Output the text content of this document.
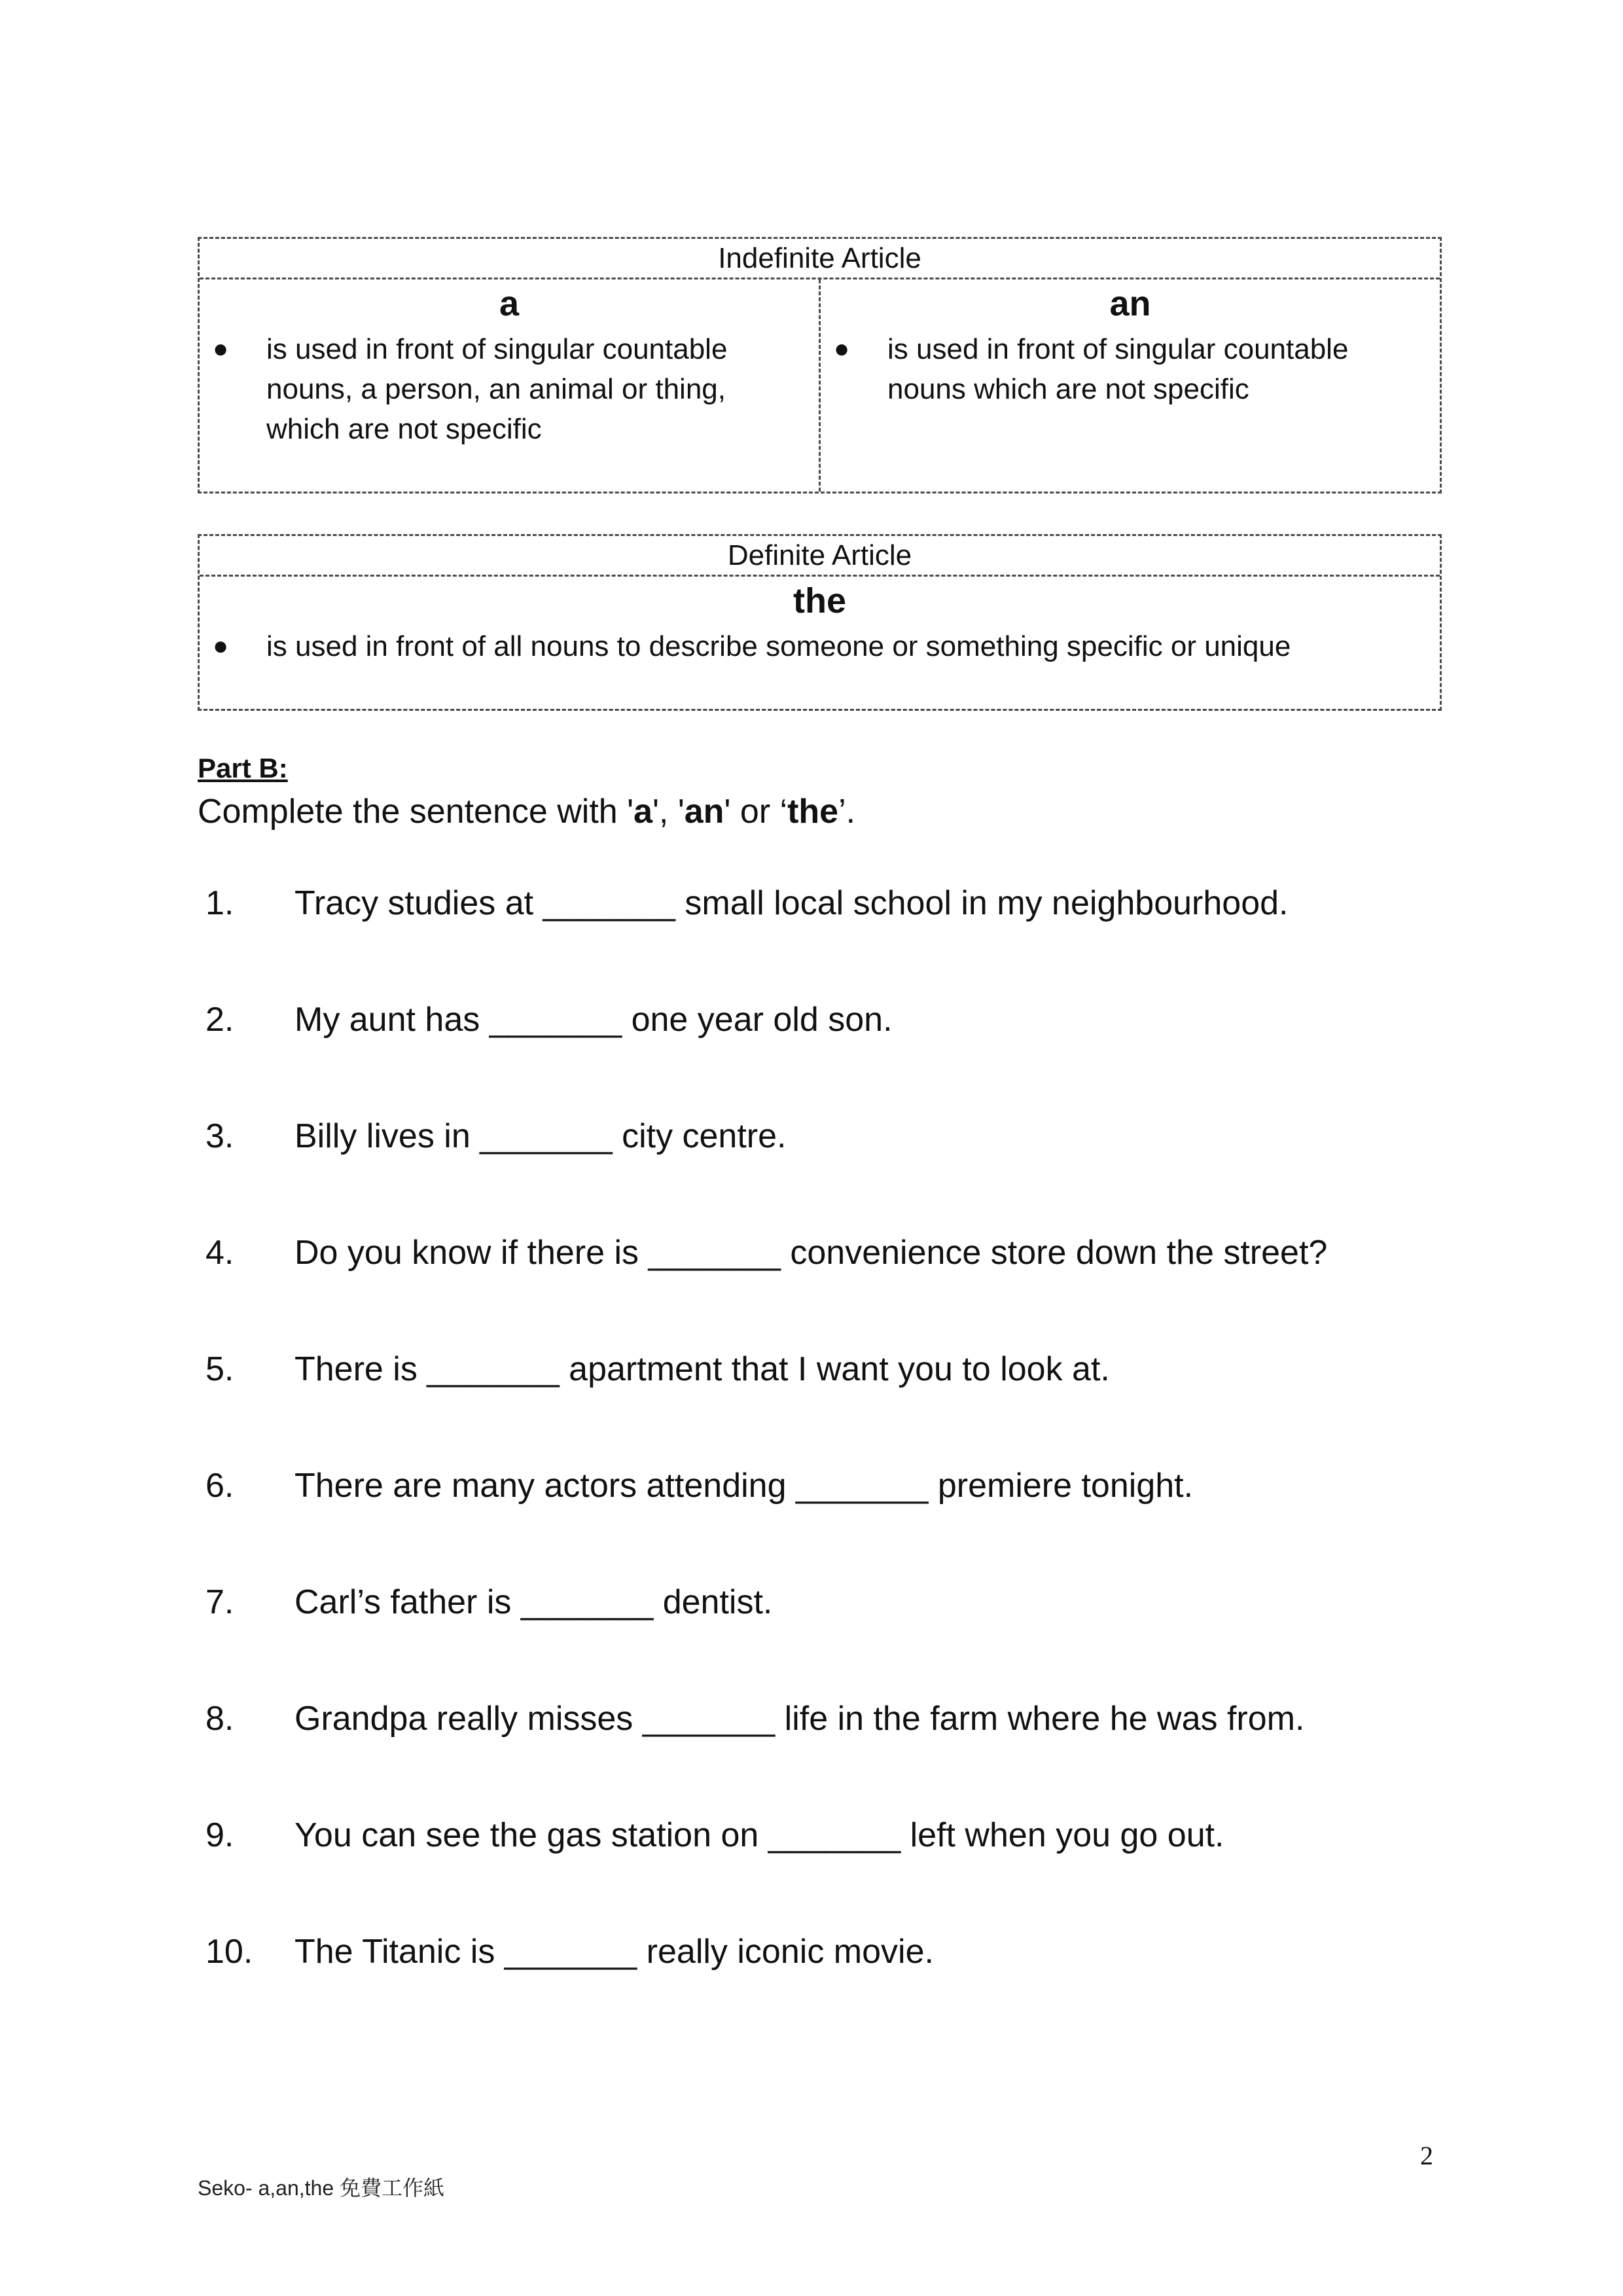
Indefinite Article
a
●	is used in front of singular countable nouns, a person, an animal or thing, which are not specific
an
●	is used in front of singular countable nouns which are not specific
Definite Article
the
●	is used in front of all nouns to describe someone or something specific or unique
Part B:
Complete the sentence with 'a', 'an' or ‘the’.
1. Tracy studies at _______ small local school in my neighbourhood.
2. My aunt has _______ one year old son.
3. Billy lives in _______ city centre.
4. Do you know if there is _______ convenience store down the street?
5. There is _______ apartment that I want you to look at.
6. There are many actors attending _______ premiere tonight.
7. Carl’s father is _______ dentist.
8. Grandpa really misses _______ life in the farm where he was from.
9. You can see the gas station on _______ left when you go out.
10. The Titanic is _______ really iconic movie.
2
Seko- a,an,the 免費工作紙
